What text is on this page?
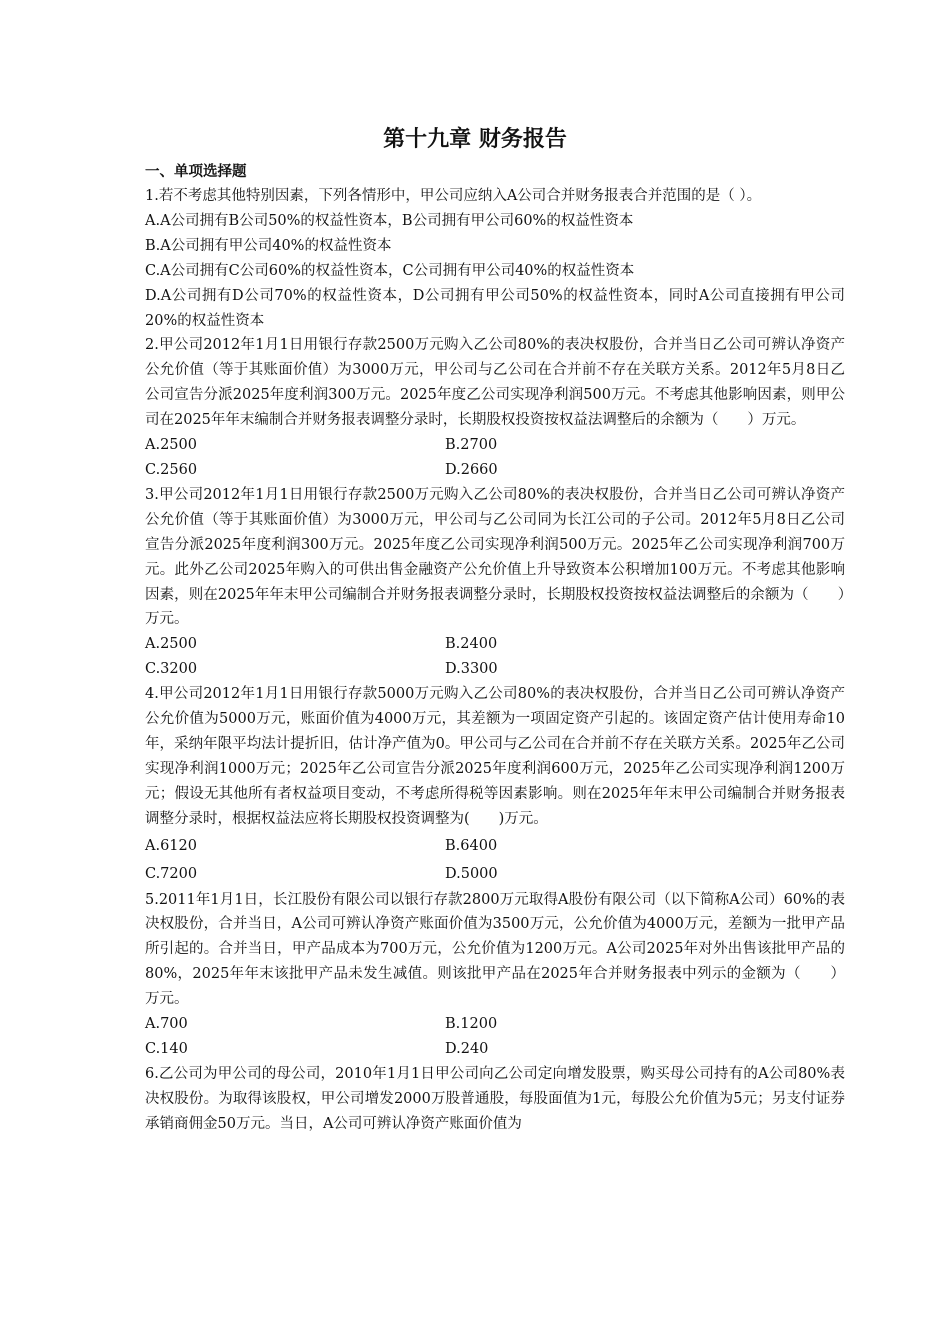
第十九章 财务报告
一、单项选择题
1.若不考虑其他特别因素，下列各情形中，甲公司应纳入A公司合并财务报表合并范围的是（ ）。
A.A公司拥有B公司50%的权益性资本，B公司拥有甲公司60%的权益性资本
B.A公司拥有甲公司40%的权益性资本
C.A公司拥有C公司60%的权益性资本，C公司拥有甲公司40%的权益性资本
D.A公司拥有D公司70%的权益性资本，D公司拥有甲公司50%的权益性资本，同时A公司直接拥有甲公司20%的权益性资本
2.甲公司2012年1月1日用银行存款2500万元购入乙公司80%的表决权股份，合并当日乙公司可辨认净资产公允价值（等于其账面价值）为3000万元，甲公司与乙公司在合并前不存在关联方关系。2012年5月8日乙公司宣告分派2025年度利润300万元。2025年度乙公司实现净利润500万元。不考虑其他影响因素，则甲公司在2025年年末编制合并财务报表调整分录时，长期股权投资按权益法调整后的余额为（　　）万元。
A.2500	B.2700
C.2560	D.2660
3.甲公司2012年1月1日用银行存款2500万元购入乙公司80%的表决权股份，合并当日乙公司可辨认净资产公允价值（等于其账面价值）为3000万元，甲公司与乙公司同为长江公司的子公司。2012年5月8日乙公司宣告分派2025年度利润300万元。2025年度乙公司实现净利润500万元。2025年乙公司实现净利润700万元。此外乙公司2025年购入的可供出售金融资产公允价值上升导致资本公积增加100万元。不考虑其他影响因素，则在2025年年末甲公司编制合并财务报表调整分录时，长期股权投资按权益法调整后的余额为（　　）万元。
A.2500	B.2400
C.3200	D.3300
4.甲公司2012年1月1日用银行存款5000万元购入乙公司80%的表决权股份，合并当日乙公司可辨认净资产公允价值为5000万元，账面价值为4000万元，其差额为一项固定资产引起的。该固定资产估计使用寿命10年，采纳年限平均法计提折旧，估计净产值为0。甲公司与乙公司在合并前不存在关联方关系。2025年乙公司实现净利润1000万元；2025年乙公司宣告分派2025年度利润600万元，2025年乙公司实现净利润1200万元；假设无其他所有者权益项目变动，不考虑所得税等因素影响。则在2025年年末甲公司编制合并财务报表调整分录时，根据权益法应将长期股权投资调整为(　　)万元。
A.6120	B.6400
C.7200	D.5000
5.2011年1月1日，长江股份有限公司以银行存款2800万元取得A股份有限公司（以下简称A公司）60%的表决权股份，合并当日，A公司可辨认净资产账面价值为3500万元，公允价值为4000万元，差额为一批甲产品所引起的。合并当日，甲产品成本为700万元，公允价值为1200万元。A公司2025年对外出售该批甲产品的80%，2025年年末该批甲产品未发生减值。则该批甲产品在2025年合并财务报表中列示的金额为（　　）万元。
A.700	B.1200
C.140	D.240
6.乙公司为甲公司的母公司，2010年1月1日甲公司向乙公司定向增发股票，购买母公司持有的A公司80%表决权股份。为取得该股权，甲公司增发2000万股普通股，每股面值为1元，每股公允价值为5元；另支付证券承销商佣金50万元。当日，A公司可辨认净资产账面价值为
